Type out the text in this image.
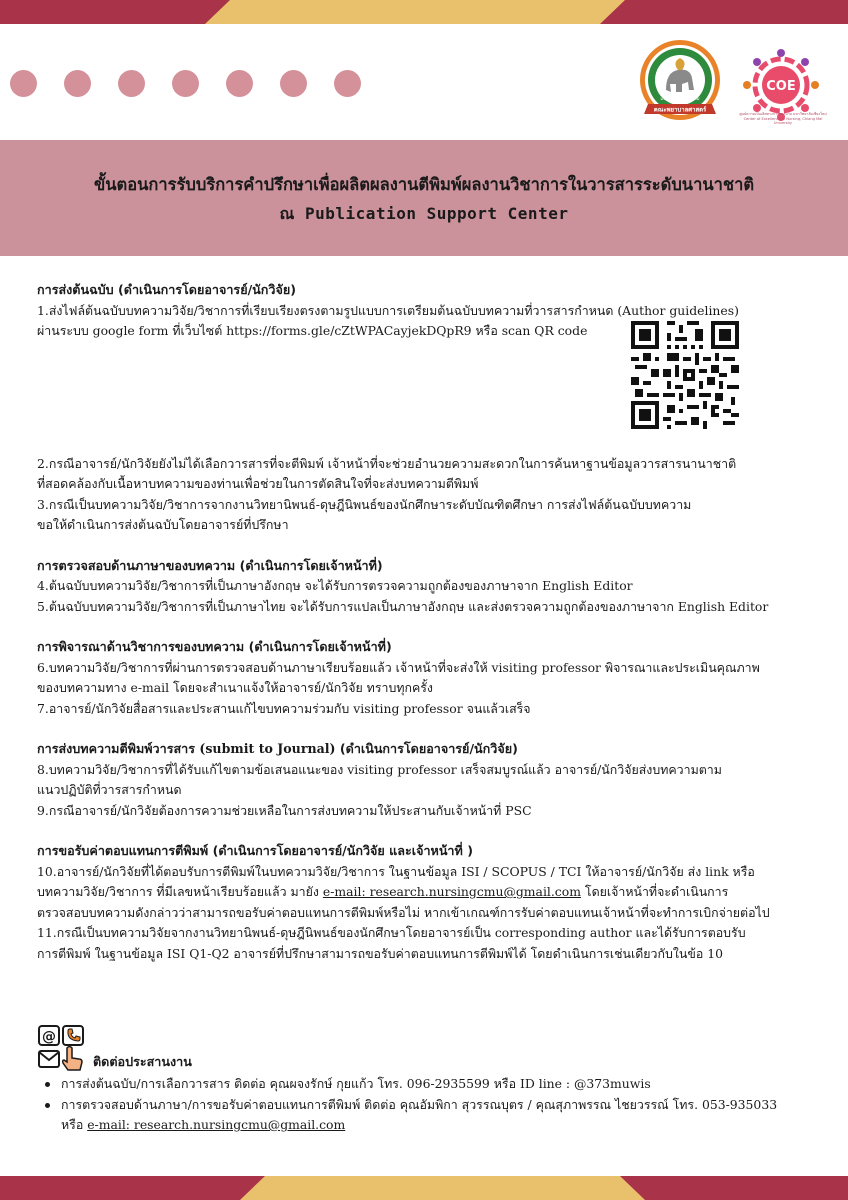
คณะพยาบาลศาสตร์
มหาวิทยาลัยเชียงใหม่
COE
ศูนย์ความเป็นเลิศทางการพยาบาล มหาวิทยาลัยเชียงใหม่
Center of Excellence in Nursing, Chiang Mai University
ขั้นตอนการรับบริการคำปรึกษาเพื่อผลิตผลงานตีพิมพ์ผลงานวิชาการในวารสารระดับนานาชาติ
ณ Publication Support Center

การส่งต้นฉบับ (ดำเนินการโดยอาจารย์/นักวิจัย)

1.ส่งไฟล์ต้นฉบับบทความวิจัย/วิชาการที่เรียบเรียงตรงตามรูปแบบการเตรียมต้นฉบับบทความที่วารสารกำหนด (Author guidelines)

ผ่านระบบ google form ที่เว็บไซต์ https://forms.gle/cZtWPACayjekDQpR9 หรือ scan QR code

2.กรณีอาจารย์/นักวิจัยยังไม่ได้เลือกวารสารที่จะตีพิมพ์ เจ้าหน้าที่จะช่วยอำนวยความสะดวกในการค้นหาฐานข้อมูลวารสารนานาชาติ

ที่สอดคล้องกับเนื้อหาบทความของท่านเพื่อช่วยในการตัดสินใจที่จะส่งบทความตีพิมพ์

3.กรณีเป็นบทความวิจัย/วิชาการจากงานวิทยานิพนธ์-ดุษฎีนิพนธ์ของนักศึกษาระดับบัณฑิตศึกษา การส่งไฟล์ต้นฉบับบทความ

ขอให้ดำเนินการส่งต้นฉบับโดยอาจารย์ที่ปรึกษา

การตรวจสอบด้านภาษาของบทความ (ดำเนินการโดยเจ้าหน้าที่)

4.ต้นฉบับบทความวิจัย/วิชาการที่เป็นภาษาอังกฤษ จะได้รับการตรวจความถูกต้องของภาษาจาก English Editor

5.ต้นฉบับบทความวิจัย/วิชาการที่เป็นภาษาไทย จะได้รับการแปลเป็นภาษาอังกฤษ และส่งตรวจความถูกต้องของภาษาจาก English Editor

การพิจารณาด้านวิชาการของบทความ (ดำเนินการโดยเจ้าหน้าที่)

6.บทความวิจัย/วิชาการที่ผ่านการตรวจสอบด้านภาษาเรียบร้อยแล้ว เจ้าหน้าที่จะส่งให้ visiting professor พิจารณาและประเมินคุณภาพ

ของบทความทาง e-mail โดยจะสำเนาแจ้งให้อาจารย์/นักวิจัย ทราบทุกครั้ง

7.อาจารย์/นักวิจัยสื่อสารและประสานแก้ไขบทความร่วมกับ visiting professor จนแล้วเสร็จ

การส่งบทความตีพิมพ์วารสาร (submit to Journal) (ดำเนินการโดยอาจารย์/นักวิจัย)

8.บทความวิจัย/วิชาการที่ได้รับแก้ไขตามข้อเสนอแนะของ visiting professor เสร็จสมบูรณ์แล้ว อาจารย์/นักวิจัยส่งบทความตาม

แนวปฏิบัติที่วารสารกำหนด

9.กรณีอาจารย์/นักวิจัยต้องการความช่วยเหลือในการส่งบทความให้ประสานกับเจ้าหน้าที่ PSC

การขอรับค่าตอบแทนการตีพิมพ์ (ดำเนินการโดยอาจารย์/นักวิจัย และเจ้าหน้าที่ )

10.อาจารย์/นักวิจัยที่ได้ตอบรับการตีพิมพ์ในบทความวิจัย/วิชาการ ในฐานข้อมูล ISI / SCOPUS / TCI ให้อาจารย์/นักวิจัย ส่ง link หรือ

บทความวิจัย/วิชาการ ที่มีเลขหน้าเรียบร้อยแล้ว มายัง e-mail: research.nursingcmu@gmail.com โดยเจ้าหน้าที่จะดำเนินการ

ตรวจสอบบทความดังกล่าวว่าสามารถขอรับค่าตอบแทนการตีพิมพ์หรือไม่ หากเข้าเกณฑ์การรับค่าตอบแทนเจ้าหน้าที่จะทำการเบิกจ่ายต่อไป

11.กรณีเป็นบทความวิจัยจากงานวิทยานิพนธ์-ดุษฎีนิพนธ์ของนักศึกษาโดยอาจารย์เป็น corresponding author และได้รับการตอบรับ

การตีพิมพ์ ในฐานข้อมูล ISI Q1-Q2 อาจารย์ที่ปรึกษาสามารถขอรับค่าตอบแทนการตีพิมพ์ได้ โดยดำเนินการเช่นเดียวกับในข้อ 10

@
ติดต่อประสานงาน
การส่งต้นฉบับ/การเลือกวารสาร ติดต่อ คุณผจงรักษ์ กุยแก้ว โทร. 096-2935599 หรือ ID line : @373muwis
การตรวจสอบด้านภาษา/การขอรับค่าตอบแทนการตีพิมพ์ ติดต่อ คุณอัมพิกา สุวรรณบุตร / คุณสุภาพรรณ ไชยวรรณ์ โทร. 053-935033
หรือ e-mail: research.nursingcmu@gmail.com
